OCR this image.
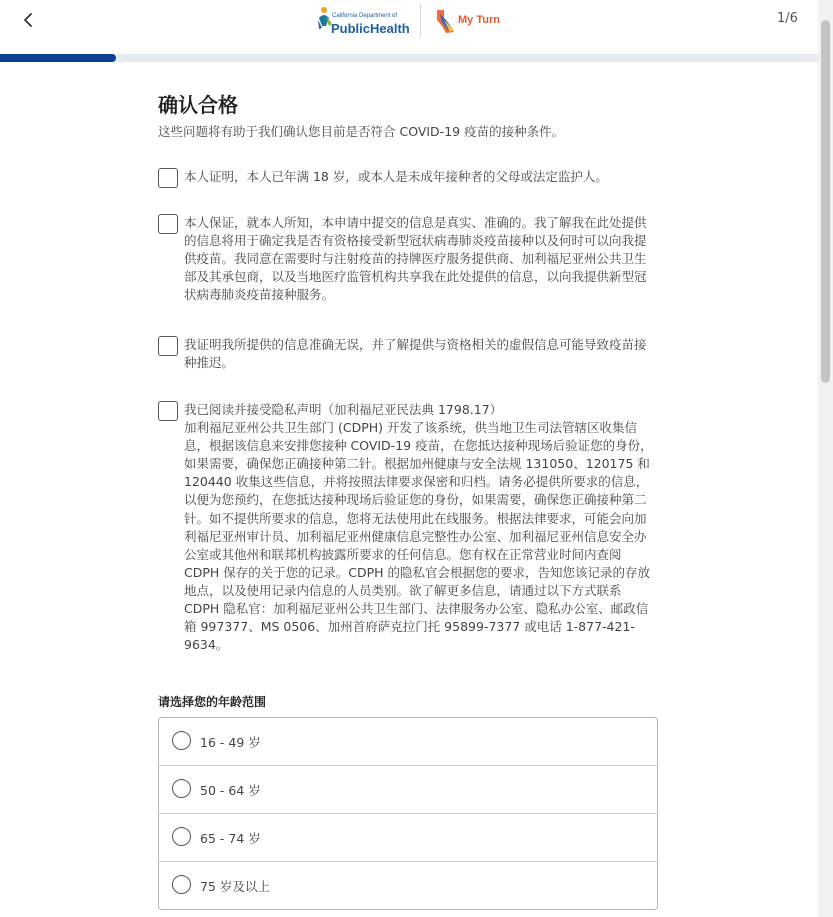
California Department of
PublicHealth
My Turn	1/6
确认合格
这些问题将有助于我们确认您目前是否符合 COVID-19 疫苗的接种条件。
本人证明，本人已年满 18 岁，或本人是未成年接种者的父母或法定监护人。
本人保证，就本人所知，本申请中提交的信息是真实、准确的。我了解我在此处提供的信息将用于确定我是否有资格接受新型冠状病毒肺炎疫苗接种以及何时可以向我提供疫苗。我同意在需要时与注射疫苗的持牌医疗服务提供商、加利福尼亚州公共卫生部及其承包商，以及当地医疗监管机构共享我在此处提供的信息，以向我提供新型冠状病毒肺炎疫苗接种服务。
我证明我所提供的信息准确无误，并了解提供与资格相关的虚假信息可能导致疫苗接种推迟。
我已阅读并接受隐私声明（加利福尼亚民法典 1798.17）
加利福尼亚州公共卫生部门 (CDPH) 开发了该系统，供当地卫生司法管辖区收集信息，根据该信息来安排您接种 COVID-19 疫苗，在您抵达接种现场后验证您的身份，如果需要，确保您正确接种第二针。根据加州健康与安全法规 131050、120175 和 120440 收集这些信息，并将按照法律要求保密和归档。请务必提供所要求的信息，以便为您预约，在您抵达接种现场后验证您的身份，如果需要，确保您正确接种第二针。如不提供所要求的信息，您将无法使用此在线服务。根据法律要求，可能会向加利福尼亚州审计员、加利福尼亚州健康信息完整性办公室、加利福尼亚州信息安全办公室或其他州和联邦机构披露所要求的任何信息。您有权在正常营业时间内查阅 CDPH 保存的关于您的记录。CDPH 的隐私官会根据您的要求，告知您该记录的存放地点，以及使用记录内信息的人员类别。欲了解更多信息，请通过以下方式联系 CDPH 隐私官：加利福尼亚州公共卫生部门、法律服务办公室、隐私办公室、邮政信箱 997377、MS 0506、加州首府萨克拉门托 95899-7377 或电话 1-877-421-9634。
请选择您的年龄范围
16 - 49 岁
50 - 64 岁
65 - 74 岁
75 岁及以上
